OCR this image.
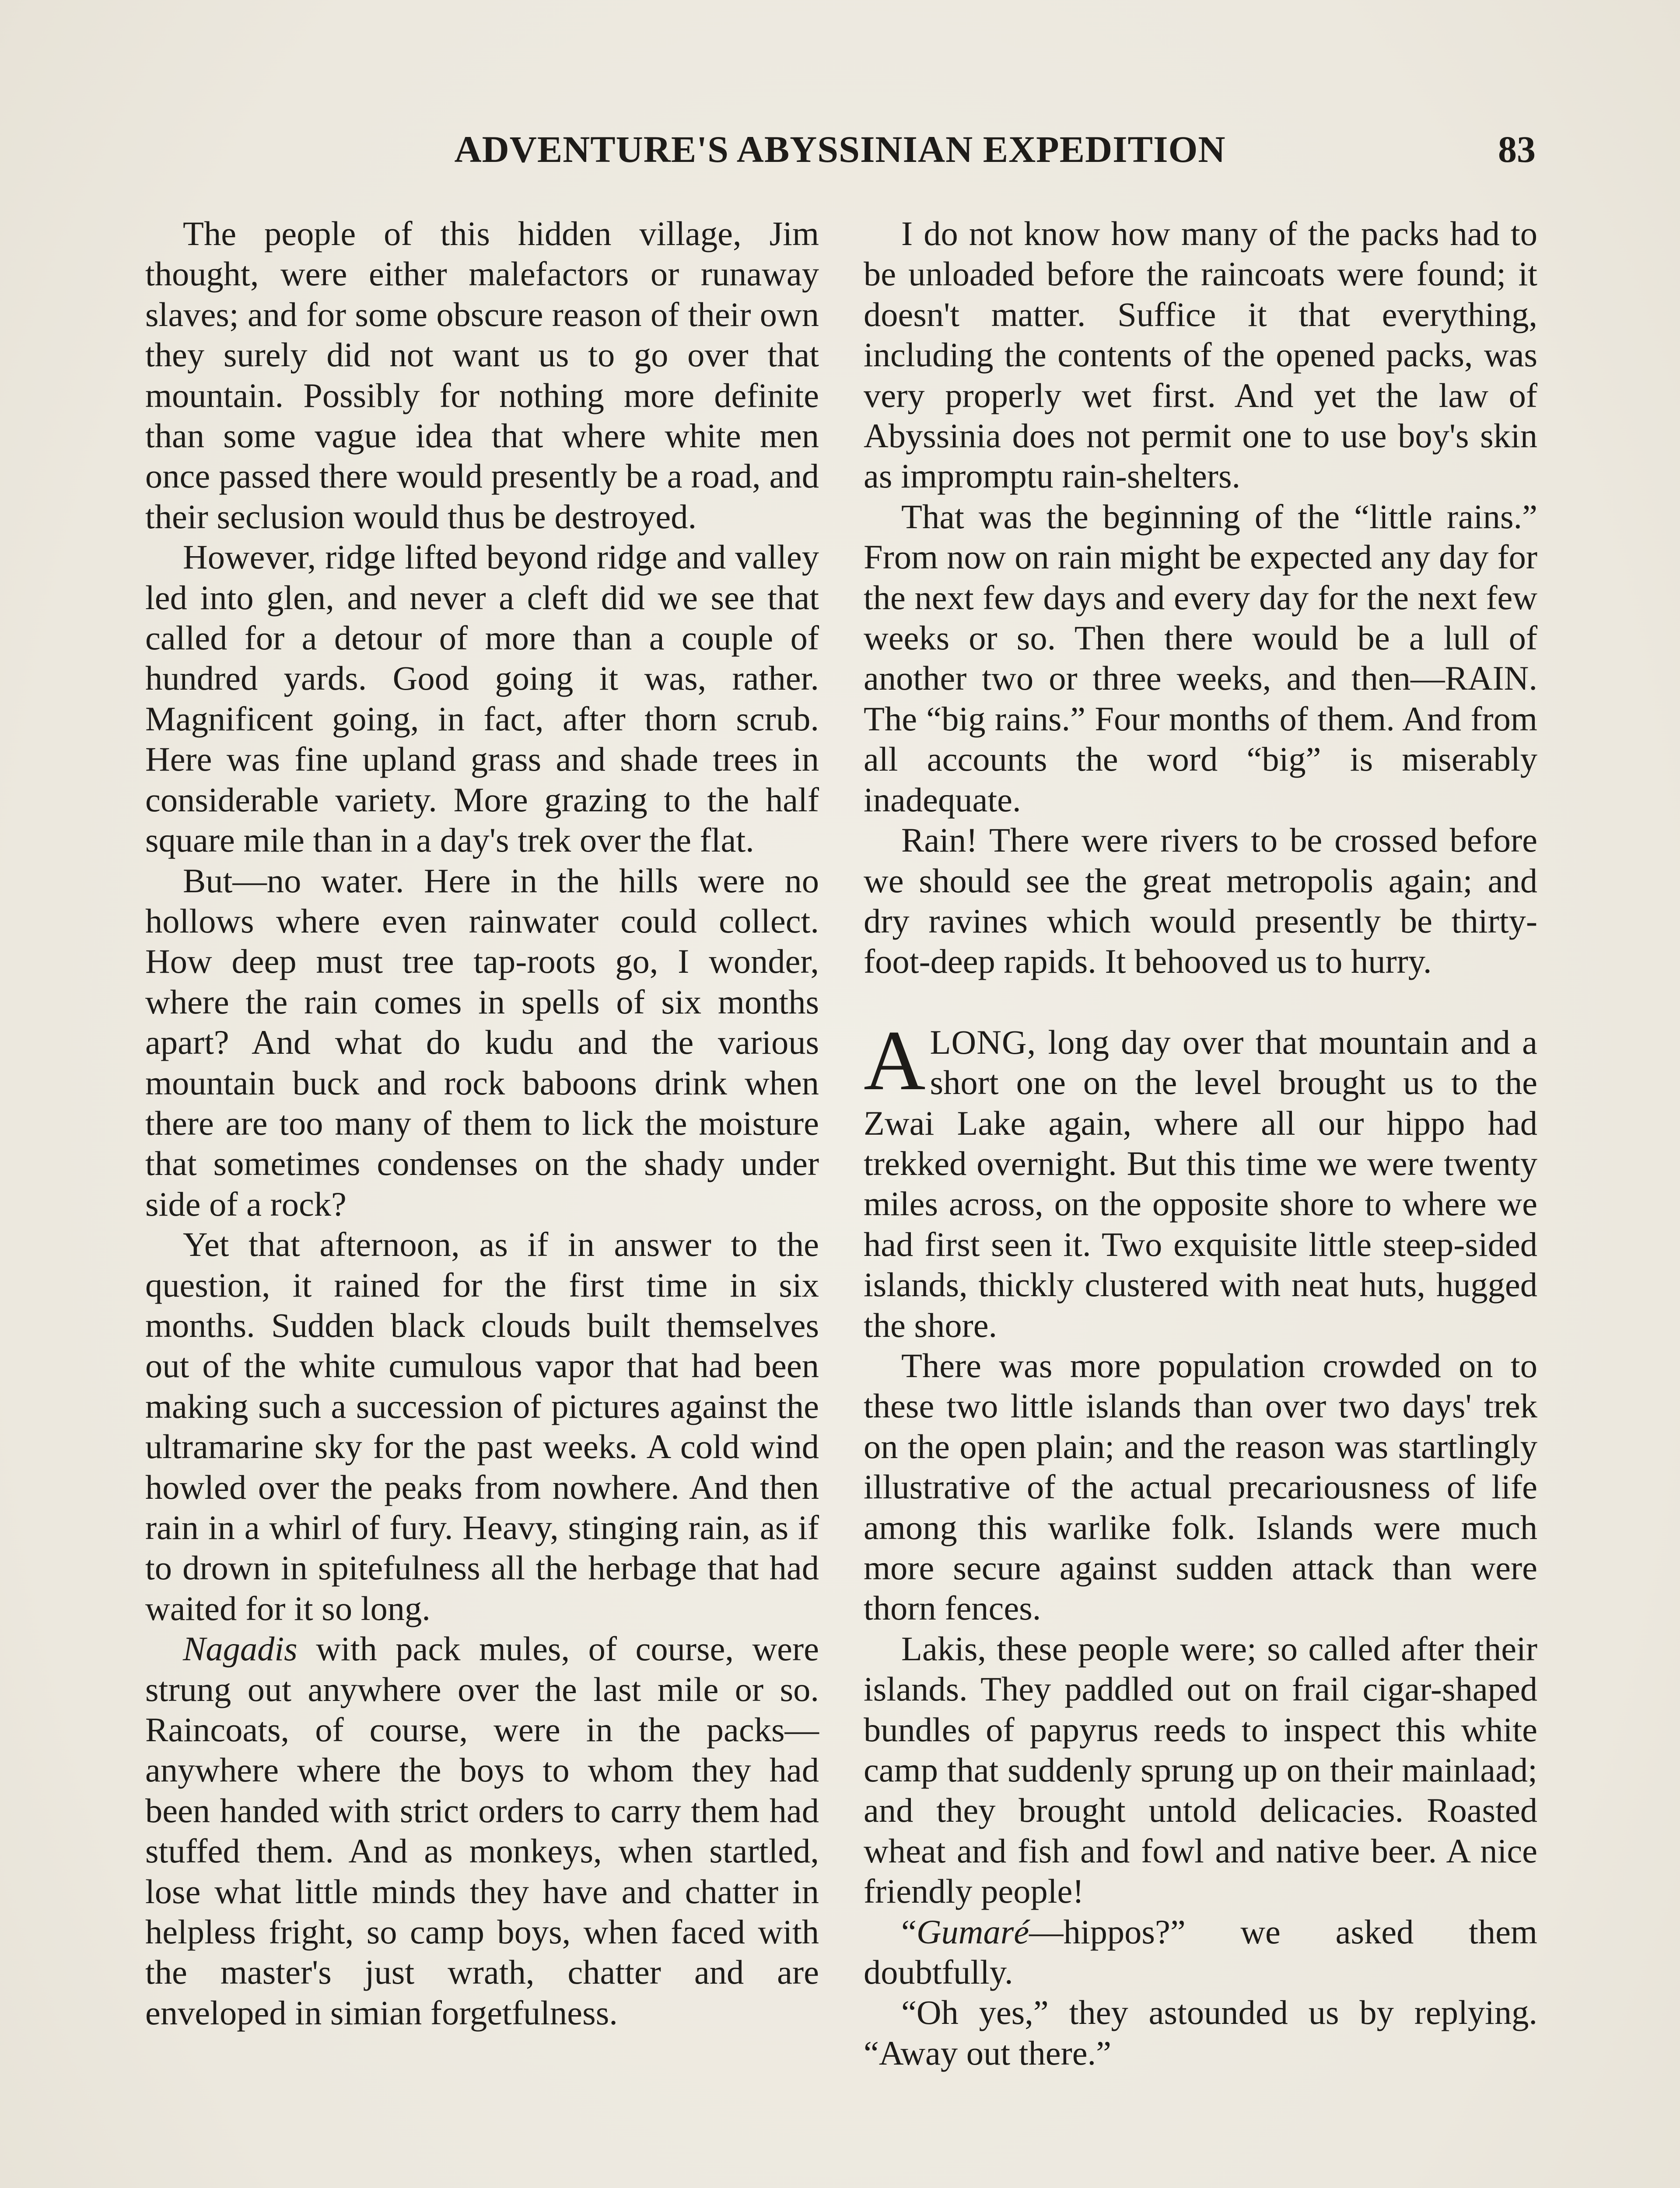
ADVENTURE'S ABYSSINIAN EXPEDITION	83

The people of this hidden village, Jim thought, were either malefactors or runaway slaves; and for some obscure reason of their own they surely did not want us to go over that mountain. Possibly for nothing more definite than some vague idea that where white men once passed there would presently be a road, and their seclusion would thus be destroyed.

However, ridge lifted beyond ridge and valley led into glen, and never a cleft did we see that called for a detour of more than a couple of hundred yards. Good going it was, rather. Magnificent going, in fact, after thorn scrub. Here was fine upland grass and shade trees in considerable variety. More grazing to the half square mile than in a day's trek over the flat.

But—no water. Here in the hills were no hollows where even rainwater could collect. How deep must tree tap-roots go, I wonder, where the rain comes in spells of six months apart? And what do kudu and the various mountain buck and rock baboons drink when there are too many of them to lick the moisture that sometimes condenses on the shady under side of a rock?

Yet that afternoon, as if in answer to the question, it rained for the first time in six months. Sudden black clouds built themselves out of the white cumulous vapor that had been making such a succession of pictures against the ultramarine sky for the past weeks. A cold wind howled over the peaks from nowhere. And then rain in a whirl of fury. Heavy, stinging rain, as if to drown in spitefulness all the herbage that had waited for it so long.

Nagadis with pack mules, of course, were strung out anywhere over the last mile or so. Raincoats, of course, were in the packs—anywhere where the boys to whom they had been handed with strict orders to carry them had stuffed them. And as monkeys, when startled, lose what little minds they have and chatter in helpless fright, so camp boys, when faced with the master's just wrath, chatter and are enveloped in simian forgetfulness.

I do not know how many of the packs had to be unloaded before the raincoats were found; it doesn't matter. Suffice it that everything, including the contents of the opened packs, was very properly wet first. And yet the law of Abyssinia does not permit one to use boy's skin as impromptu rain-shelters.

That was the beginning of the “little rains.” From now on rain might be expected any day for the next few days and every day for the next few weeks or so. Then there would be a lull of another two or three weeks, and then—RAIN. The “big rains.” Four months of them. And from all accounts the word “big” is miserably inadequate.

Rain! There were rivers to be crossed before we should see the great metropolis again; and dry ravines which would presently be thirty-foot-deep rapids. It behooved us to hurry.

ALONG, long day over that mountain and a short one on the level brought us to the Zwai Lake again, where all our hippo had trekked overnight. But this time we were twenty miles across, on the opposite shore to where we had first seen it. Two exquisite little steep-sided islands, thickly clustered with neat huts, hugged the shore.

There was more population crowded on to these two little islands than over two days' trek on the open plain; and the reason was startlingly illustrative of the actual precariousness of life among this warlike folk. Islands were much more secure against sudden attack than were thorn fences.

Lakis, these people were; so called after their islands. They paddled out on frail cigar-shaped bundles of papyrus reeds to inspect this white camp that suddenly sprung up on their mainlaad; and they brought untold delicacies. Roasted wheat and fish and fowl and native beer. A nice friendly people!

“Gumaré—hippos?” we asked them doubtfully.

“Oh yes,” they astounded us by replying. “Away out there.”
